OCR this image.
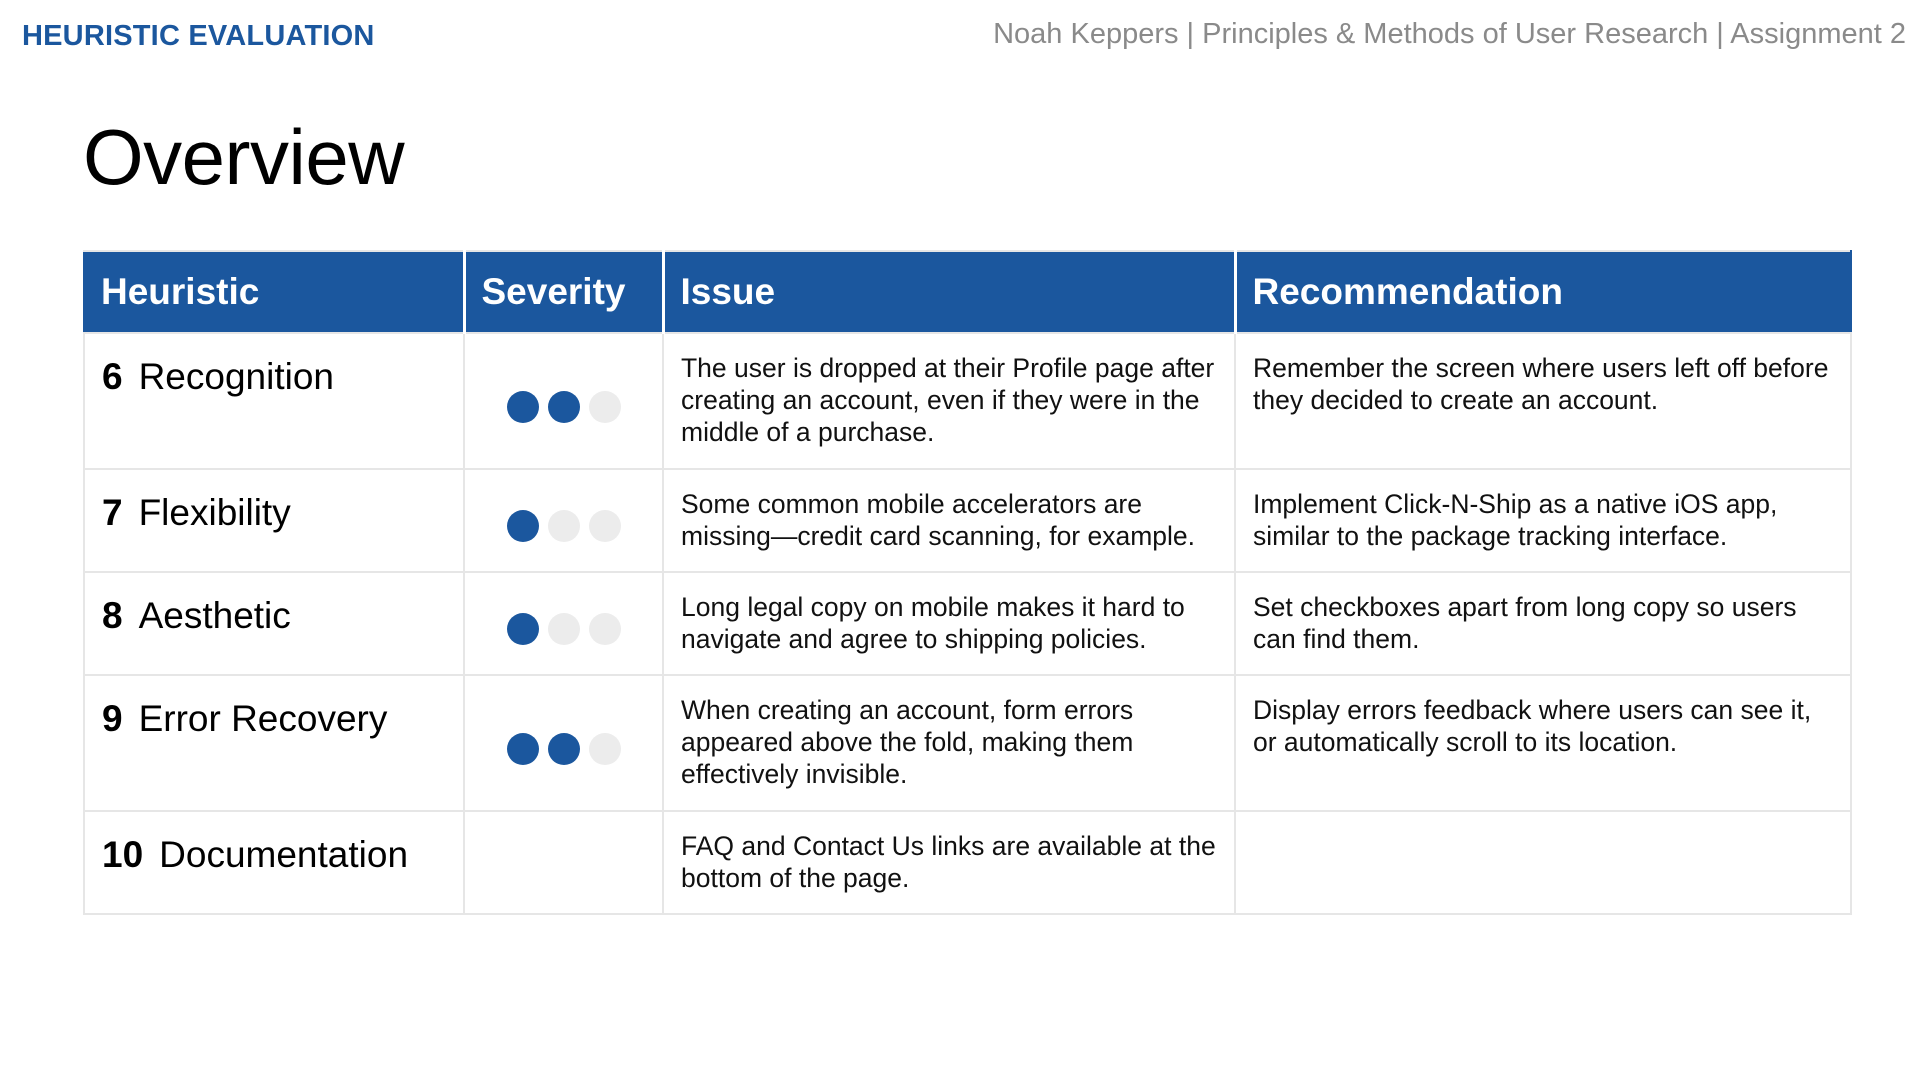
HEURISTIC EVALUATION	Noah Keppers | Principles & Methods of User Research | Assignment 2
Overview
Heuristic	Severity	Issue	Recommendation

6 Recognition		The user is dropped at their Profile page after creating an account, even if they were in the middle of a purchase.	Remember the screen where users left off before they decided to create an account.

7 Flexibility		Some common mobile accelerators are missing—credit card scanning, for example.	Implement Click-N-Ship as a native iOS app, similar to the package tracking interface.

8 Aesthetic		Long legal copy on mobile makes it hard to navigate and agree to shipping policies.	Set checkboxes apart from long copy so users can find them.

9 Error Recovery		When creating an account, form errors appeared above the fold, making them effectively invisible.	Display errors feedback where users can see it, or automatically scroll to its location.

10 Documentation		FAQ and Contact Us links are available at the bottom of the page.	
